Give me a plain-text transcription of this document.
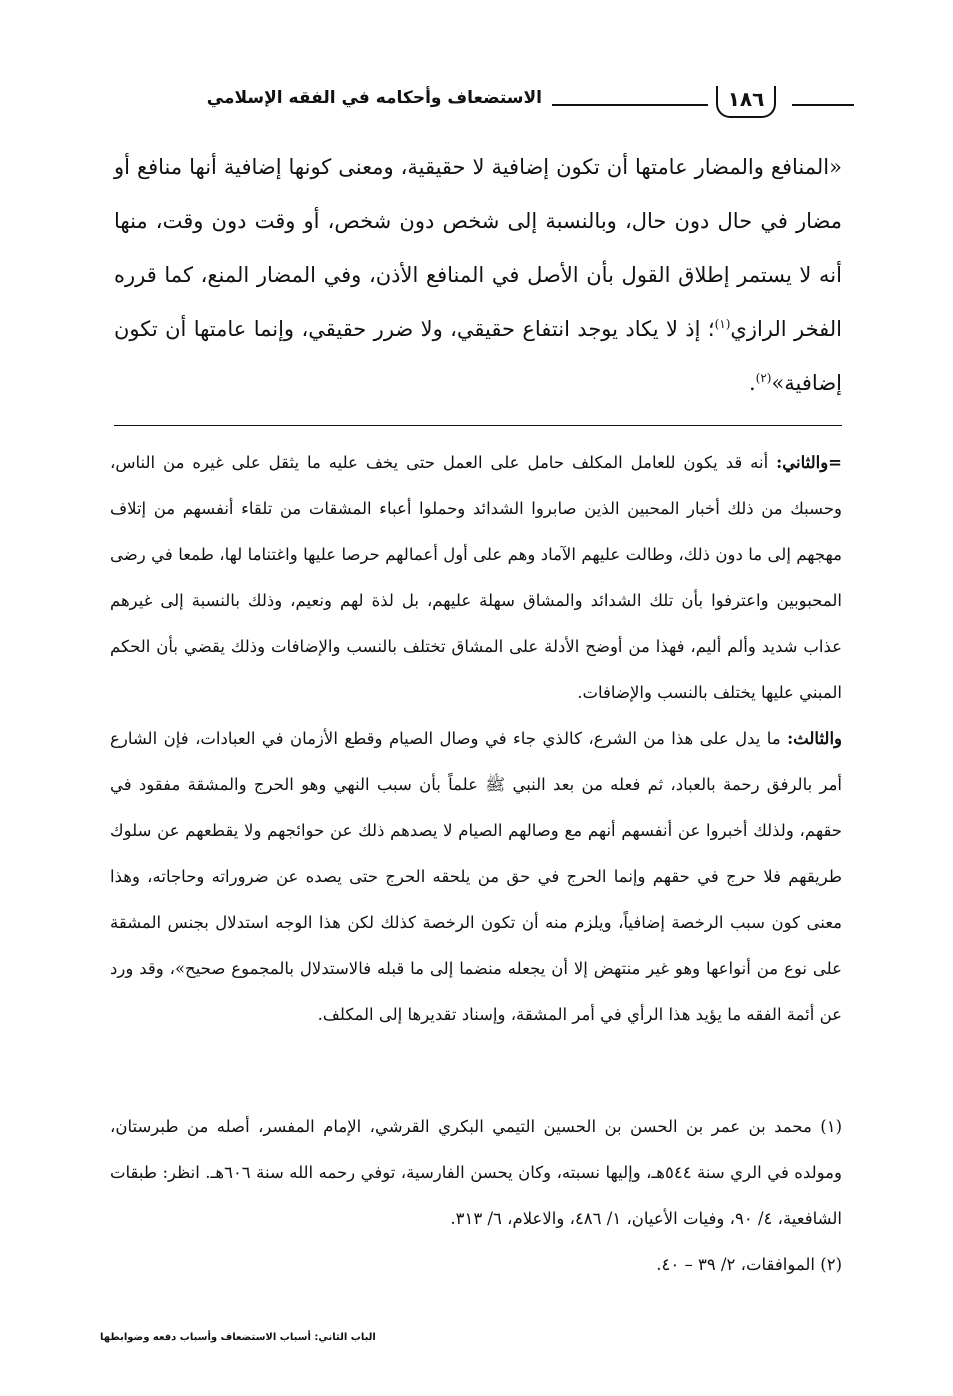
١٨٦
الاستضعاف وأحكامه في الفقه الإسلامي

«المنافع والمضار عامتها أن تكون إضافية لا حقيقية، ومعنى كونها إضافية أنها منافع أو مضار في حال دون حال، وبالنسبة إلى شخص دون شخص، أو وقت دون وقت، منها أنه لا يستمر إطلاق القول بأن الأصل في المنافع الأذن، وفي المضار المنع، كما قرره الفخر الرازي$^{(١)}$؛ إذ لا يكاد يوجد انتفاع حقيقي، ولا ضرر حقيقي، وإنما عامتها أن تكون إضافية»$^{(٢)}$.

=والثاني: أنه قد يكون للعامل المكلف حامل على العمل حتى يخف عليه ما يثقل على غيره من الناس، وحسبك من ذلك أخبار المحبين الذين صابروا الشدائد وحملوا أعباء المشقات من تلقاء أنفسهم من إتلاف مهجهم إلى ما دون ذلك، وطالت عليهم الآماد وهم على أول أعمالهم حرصا عليها واغتناما لها، طمعا في رضى المحبوبين واعترفوا بأن تلك الشدائد والمشاق سهلة عليهم، بل لذة لهم ونعيم، وذلك بالنسبة إلى غيرهم عذاب شديد وألم أليم، فهذا من أوضح الأدلة على المشاق تختلف بالنسب والإضافات وذلك يقضي بأن الحكم المبني عليها يختلف بالنسب والإضافات.

والثالث: ما يدل على هذا من الشرع، كالذي جاء في وصال الصيام وقطع الأزمان في العبادات، فإن الشارع أمر بالرفق رحمة بالعباد، ثم فعله من بعد النبي ﷺ علماً بأن سبب النهي وهو الحرج والمشقة مفقود في حقهم، ولذلك أخبروا عن أنفسهم أنهم مع وصالهم الصيام لا يصدهم ذلك عن حوائجهم ولا يقطعهم عن سلوك طريقهم فلا حرج في حقهم وإنما الحرج في حق من يلحقه الحرج حتى يصده عن ضروراته وحاجاته، وهذا معنى كون سبب الرخصة إضافياً، ويلزم منه أن تكون الرخصة كذلك لكن هذا الوجه استدلال بجنس المشقة على نوع من أنواعها وهو غير منتهض إلا أن يجعله منضما إلى ما قبله فالاستدلال بالمجموع صحيح»، وقد ورد عن أئمة الفقه ما يؤيد هذا الرأي في أمر المشقة، وإسناد تقديرها إلى المكلف.

(١) محمد بن عمر بن الحسن بن الحسين التيمي البكري القرشي، الإمام المفسر، أصله من طبرستان، ومولده في الري سنة ٥٤٤هـ، وإليها نسبته، وكان يحسن الفارسية، توفي رحمه الله سنة ٦٠٦هـ. انظر: طبقات الشافعية، ٤/ ٩٠، وفيات الأعيان، ١/ ٤٨٦، والاعلام، ٦/ ٣١٣.

(٢) الموافقات، ٢/ ٣٩ – ٤٠.

الباب الثاني: أسباب الاستضعاف وأسباب دفعه وضوابطها
